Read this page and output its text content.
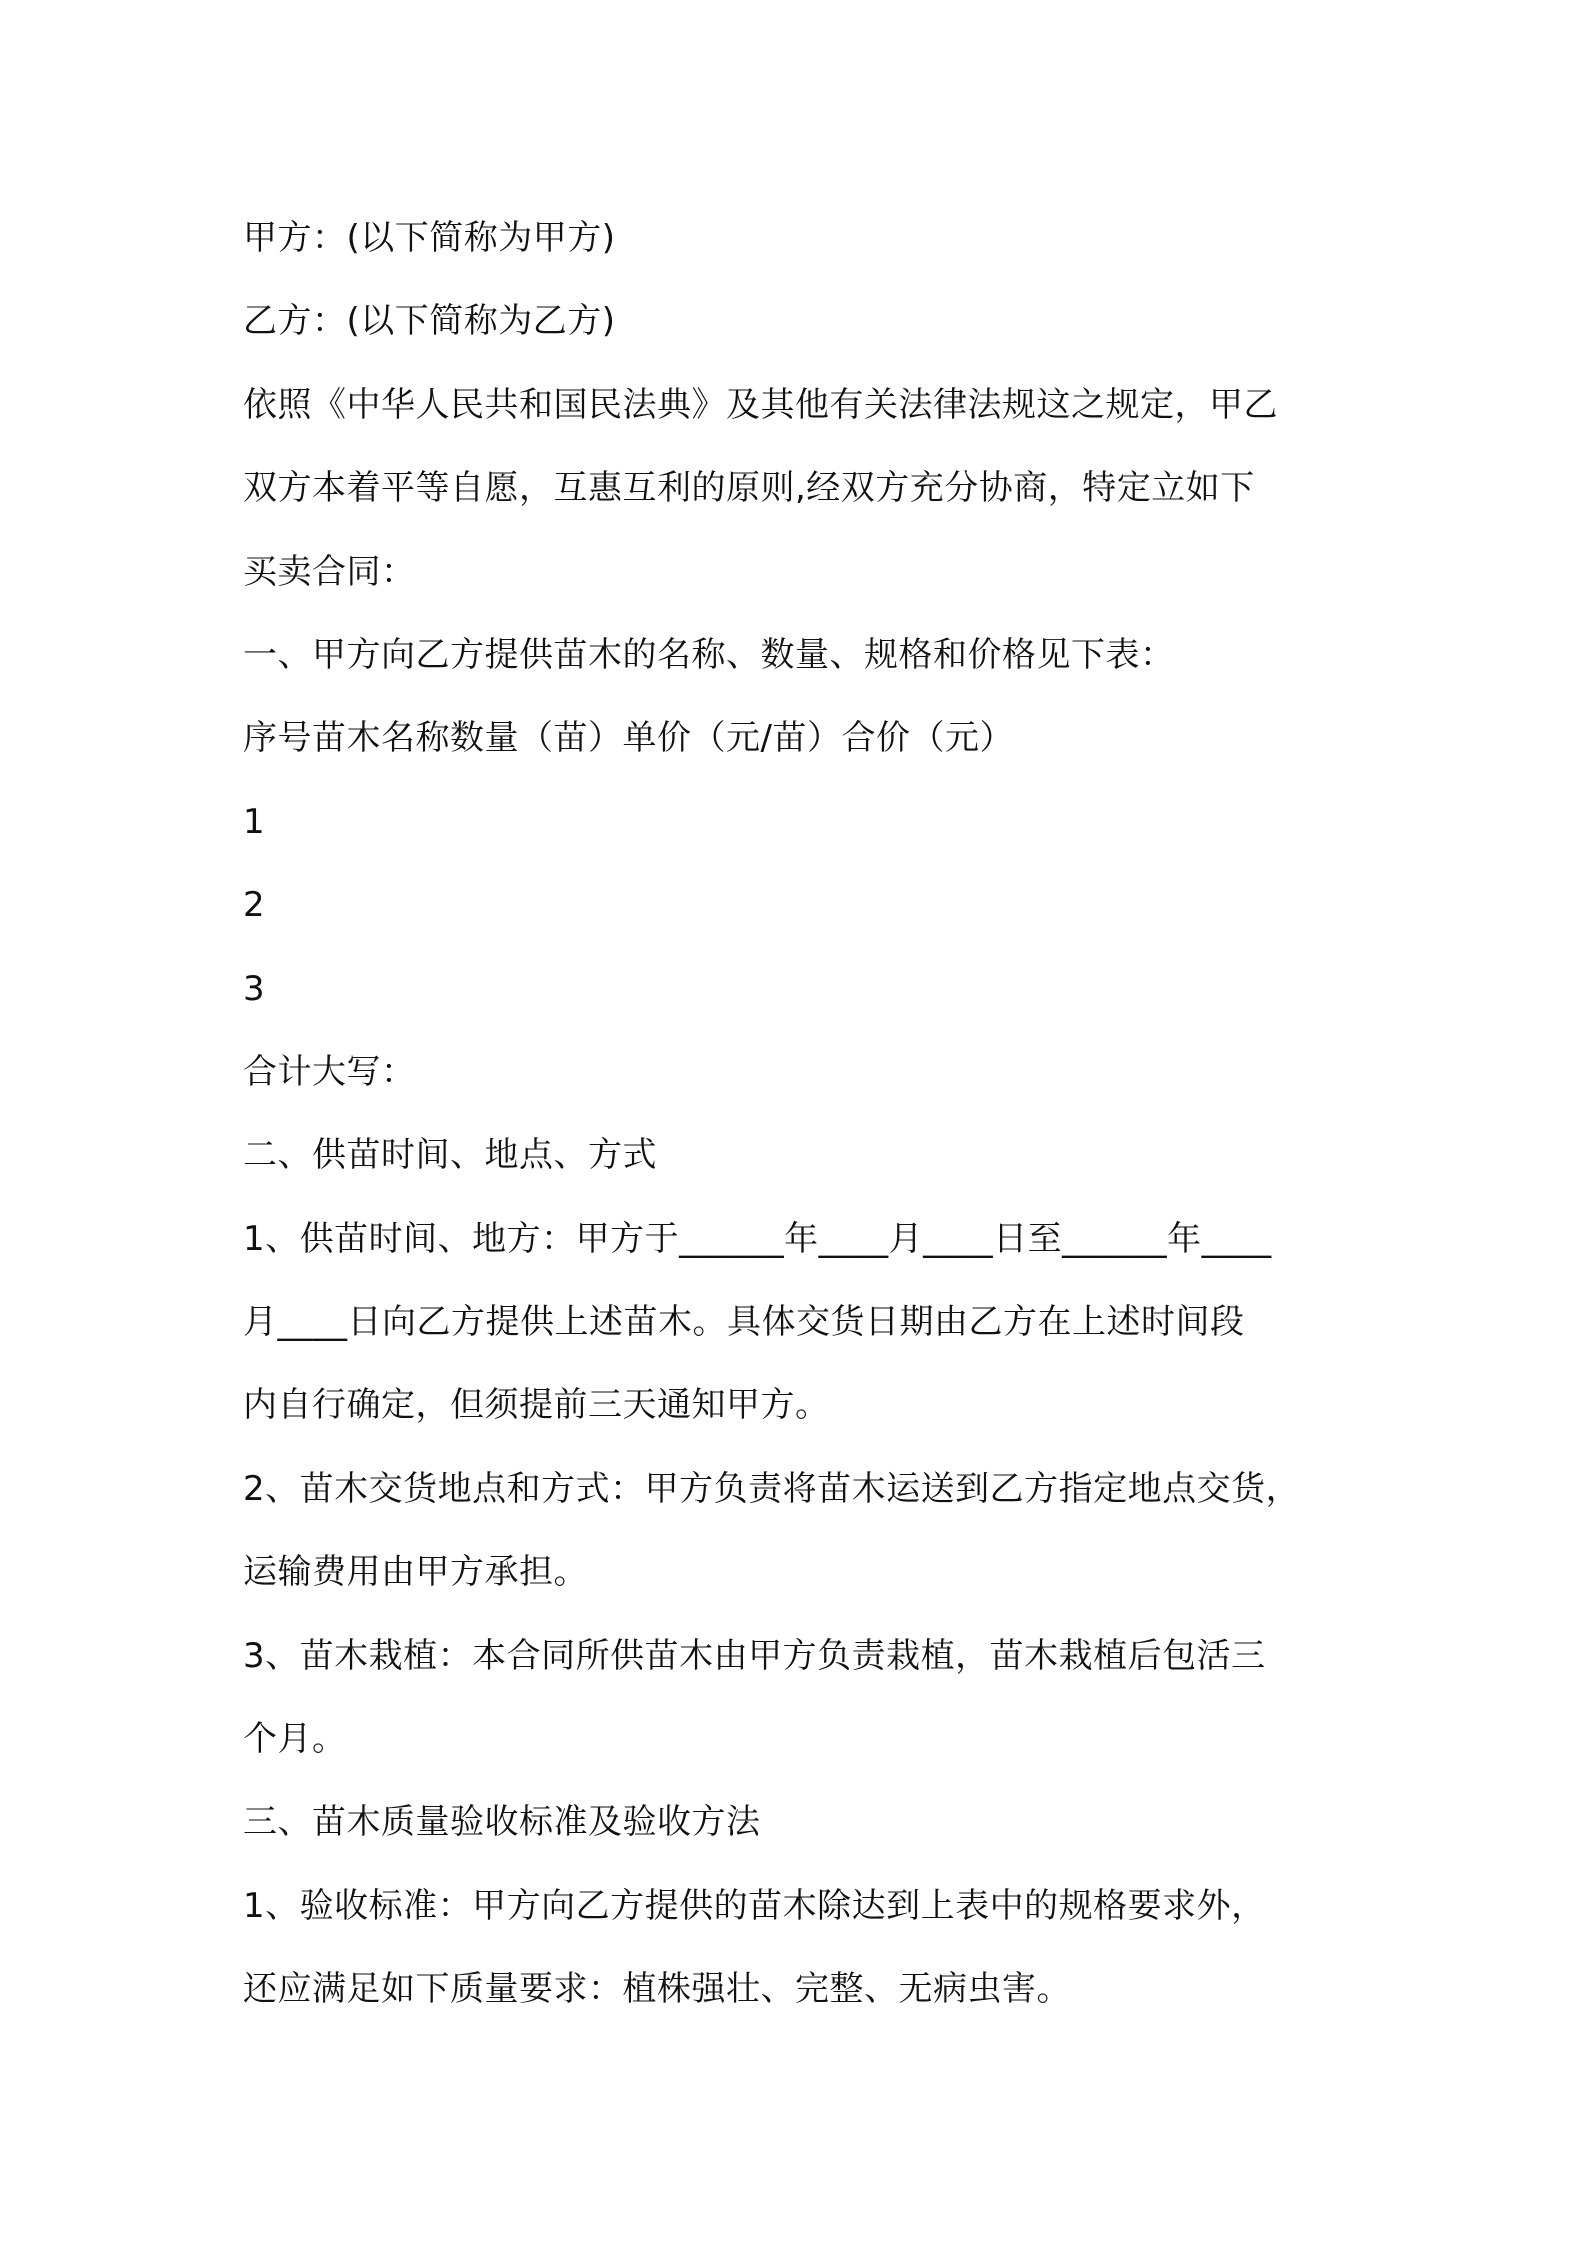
甲方：(以下简称为甲方)
乙方：(以下简称为乙方)
依照《中华人民共和国民法典》及其他有关法律法规这之规定，甲乙
双方本着平等自愿，互惠互利的原则,经双方充分协商，特定立如下
买卖合同：
一、甲方向乙方提供苗木的名称、数量、规格和价格见下表：
序号苗木名称数量（苗）单价（元/苗）合价（元）
1
2
3
合计大写：
二、供苗时间、地点、方式
1、供苗时间、地方：甲方于______年____月____日至______年____
月____日向乙方提供上述苗木。具体交货日期由乙方在上述时间段
内自行确定，但须提前三天通知甲方。
2、苗木交货地点和方式：甲方负责将苗木运送到乙方指定地点交货，
运输费用由甲方承担。
3、苗木栽植：本合同所供苗木由甲方负责栽植，苗木栽植后包活三
个月。
三、苗木质量验收标准及验收方法
1、验收标准：甲方向乙方提供的苗木除达到上表中的规格要求外，
还应满足如下质量要求：植株强壮、完整、无病虫害。
